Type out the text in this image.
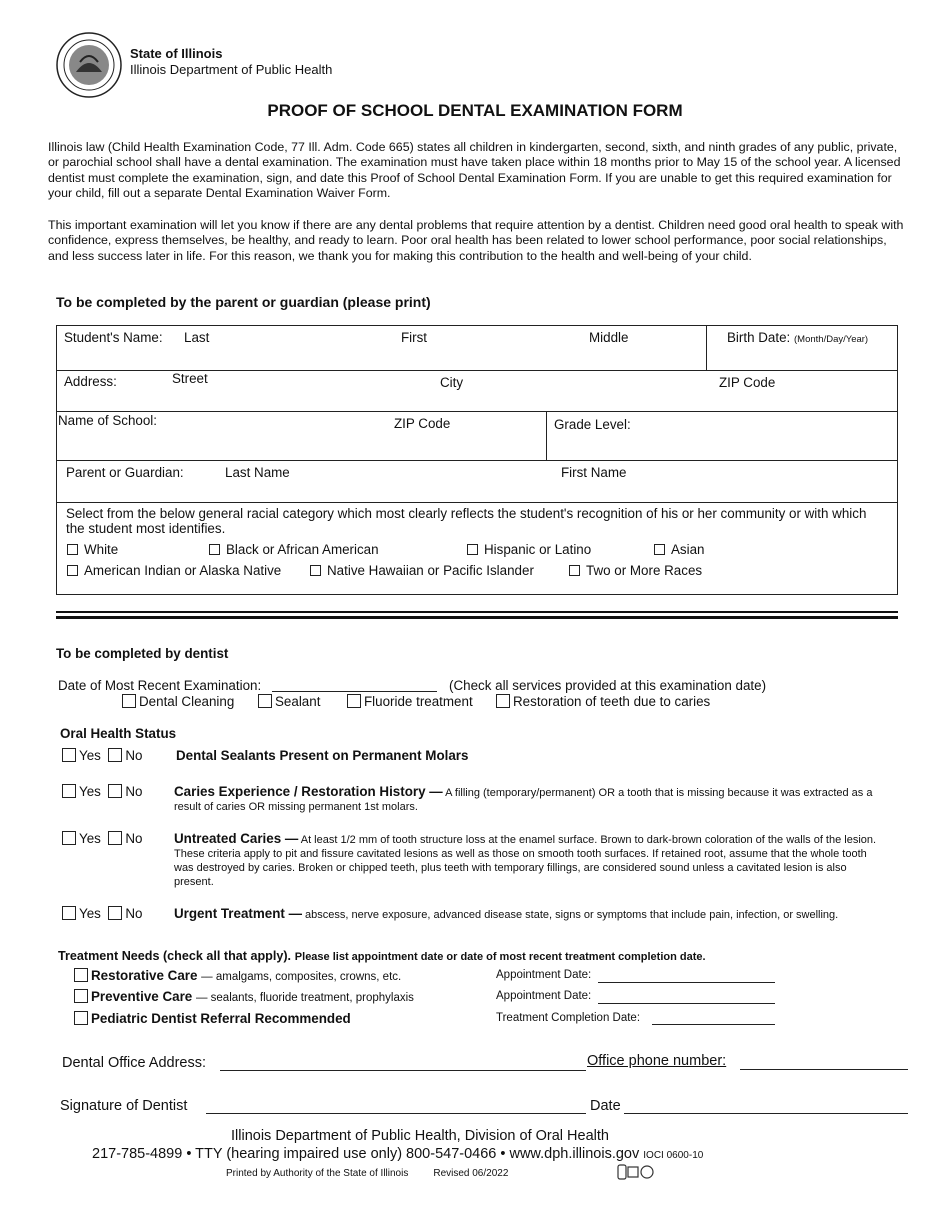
State of Illinois
Illinois Department of Public Health
PROOF OF SCHOOL DENTAL EXAMINATION FORM
Illinois law (Child Health Examination Code, 77 Ill. Adm. Code 665) states all children in kindergarten, second, sixth, and ninth grades of any public, private, or parochial school shall have a dental examination. The examination must have taken place within 18 months prior to May 15 of the school year. A licensed dentist must complete the examination, sign, and date this Proof of School Dental Examination Form. If you are unable to get this required examination for your child, fill out a separate Dental Examination Waiver Form.
This important examination will let you know if there are any dental problems that require attention by a dentist. Children need good oral health to speak with confidence, express themselves, be healthy, and ready to learn. Poor oral health has been related to lower school performance, poor social relationships, and less success later in life. For this reason, we thank you for making this contribution to the health and well-being of your child.
To be completed by the parent or guardian (please print)
Student's Name: Last	First	Middle	Birth Date: (Month/Day/Year)
Address:	Street	City	ZIP Code
Name of School:	ZIP Code	Grade Level:
Parent or Guardian:	Last Name	First Name
Select from the below general racial category which most clearly reflects the student's recognition of his or her community or with which the student most identifies.
White	Black or African American	Hispanic or Latino	Asian
American Indian or Alaska Native	Native Hawaiian or Pacific Islander	Two or More Races
To be completed by dentist
Date of Most Recent Examination:	(Check all services provided at this examination date)
Dental Cleaning	Sealant	Fluoride treatment	Restoration of teeth due to caries
Oral Health Status
Yes No	Dental Sealants Present on Permanent Molars
Yes No Caries Experience / Restoration History — A filling (temporary/permanent) OR a tooth that is missing because it was extracted as a result of caries OR missing permanent 1st molars.
Yes No Untreated Caries — At least 1/2 mm of tooth structure loss at the enamel surface. Brown to dark-brown coloration of the walls of the lesion. These criteria apply to pit and fissure cavitated lesions as well as those on smooth tooth surfaces. If retained root, assume that the whole tooth was destroyed by caries. Broken or chipped teeth, plus teeth with temporary fillings, are considered sound unless a cavitated lesion is also present.
Yes No Urgent Treatment — abscess, nerve exposure, advanced disease state, signs or symptoms that include pain, infection, or swelling.
Treatment Needs (check all that apply). Please list appointment date or date of most recent treatment completion date.
Restorative Care — amalgams, composites, crowns, etc.	Appointment Date:
Preventive Care — sealants, fluoride treatment, prophylaxis	Appointment Date:
Pediatric Dentist Referral Recommended	Treatment Completion Date:
Dental Office Address:	Office phone number:
Signature of Dentist	Date
Illinois Department of Public Health, Division of Oral Health
217-785-4899 • TTY (hearing impaired use only) 800-547-0466 • www.dph.illinois.gov IOCI 0600-10
Printed by Authority of the State of Illinois	Revised 06/2022
